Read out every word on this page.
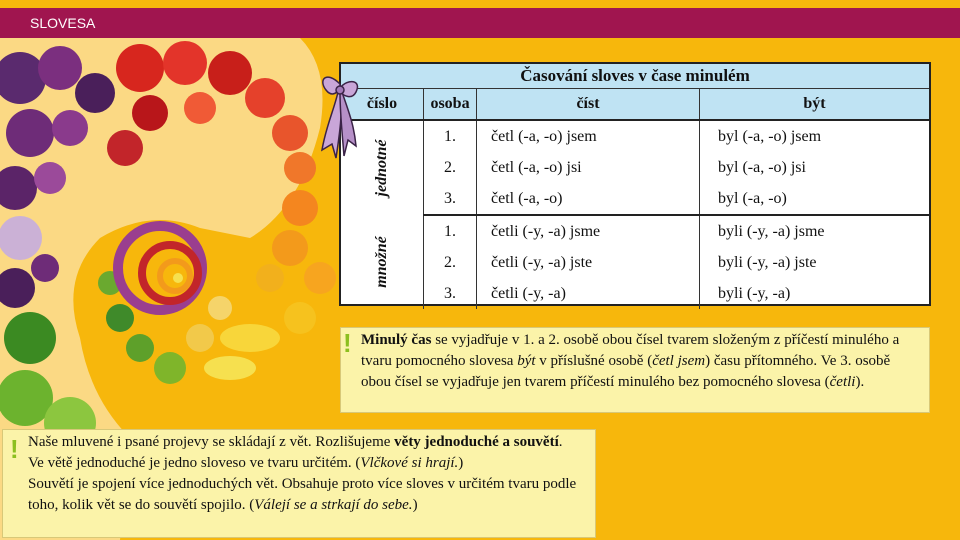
SLOVESA
Časování sloves v čase minulém			
číslo	osoba	číst	být

jednotné	1.	četl (-a, -o) jsem	byl (-a, -o) jsem
	2.	četl (-a, -o) jsi	byl (-a, -o) jsi
	3.	četl (-a, -o)	byl (-a, -o)

množné	1.	četli (-y, -a) jsme	byli (-y, -a) jsme
	2.	četli (-y, -a) jste	byli (-y, -a) jste
	3.	četli (-y, -a)	byli (-y, -a)
! Minulý čas se vyjadřuje v 1. a 2. osobě obou čísel tvarem složeným z příčestí minulého a tvaru pomocného slovesa být v příslušné osobě (četl jsem) času přítomného. Ve 3. osobě obou čísel se vyjadřuje jen tvarem příčestí minulého bez pomocného slovesa (četli).

! Naše mluvené i psané projevy se skládají z vět. Rozlišujeme věty jednoduché a souvětí.

Ve větě jednoduché je jedno sloveso ve tvaru určitém. (Vlčkové si hrají.)

Souvětí je spojení více jednoduchých vět. Obsahuje proto více sloves v určitém tvaru podle toho, kolik vět se do souvětí spojilo. (Válejí se a strkají do sebe.)
